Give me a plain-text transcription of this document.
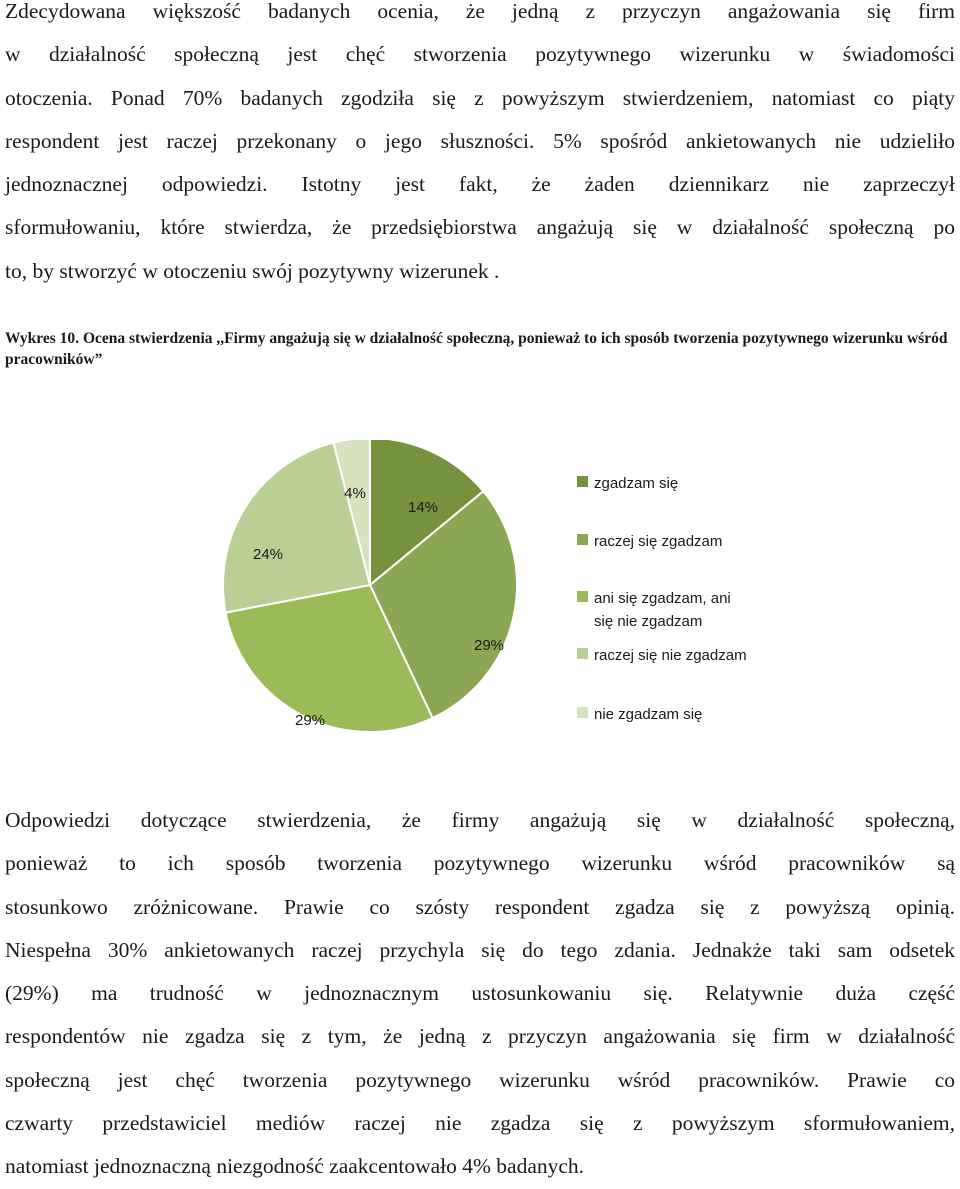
Zdecydowana większość badanych ocenia, że jedną z przyczyn angażowania się firm
w działalność społeczną jest chęć stworzenia pozytywnego wizerunku w świadomości
otoczenia. Ponad 70% badanych zgodziła się z powyższym stwierdzeniem, natomiast co piąty
respondent jest raczej przekonany o jego słuszności. 5% spośród ankietowanych nie udzieliło
jednoznacznej odpowiedzi. Istotny jest fakt, że żaden dziennikarz nie zaprzeczył
sformułowaniu, które stwierdza, że przedsiębiorstwa angażują się w działalność społeczną po
to, by stworzyć w otoczeniu swój pozytywny wizerunek .

Wykres 10. Ocena stwierdzenia ,,Firmy angażują się w działalność społeczną, ponieważ to ich sposób tworzenia pozytywnego wizerunku wśród pracowników”

14%
29%
29%
24%
4%
zgadzam się
raczej się zgadzam
ani się zgadzam, ani
się nie zgadzam
raczej się nie zgadzam
nie zgadzam się
Odpowiedzi dotyczące stwierdzenia, że firmy angażują się w działalność społeczną,
ponieważ to ich sposób tworzenia pozytywnego wizerunku wśród pracowników są
stosunkowo zróżnicowane. Prawie co szósty respondent zgadza się z powyższą opinią.
Niespełna 30% ankietowanych raczej przychyla się do tego zdania. Jednakże taki sam odsetek
(29%) ma trudność w jednoznacznym ustosunkowaniu się. Relatywnie duża część
respondentów nie zgadza się z tym, że jedną z przyczyn angażowania się firm w działalność
społeczną jest chęć tworzenia pozytywnego wizerunku wśród pracowników. Prawie co
czwarty przedstawiciel mediów raczej nie zgadza się z powyższym sformułowaniem,
natomiast jednoznaczną niezgodność zaakcentowało 4% badanych.
